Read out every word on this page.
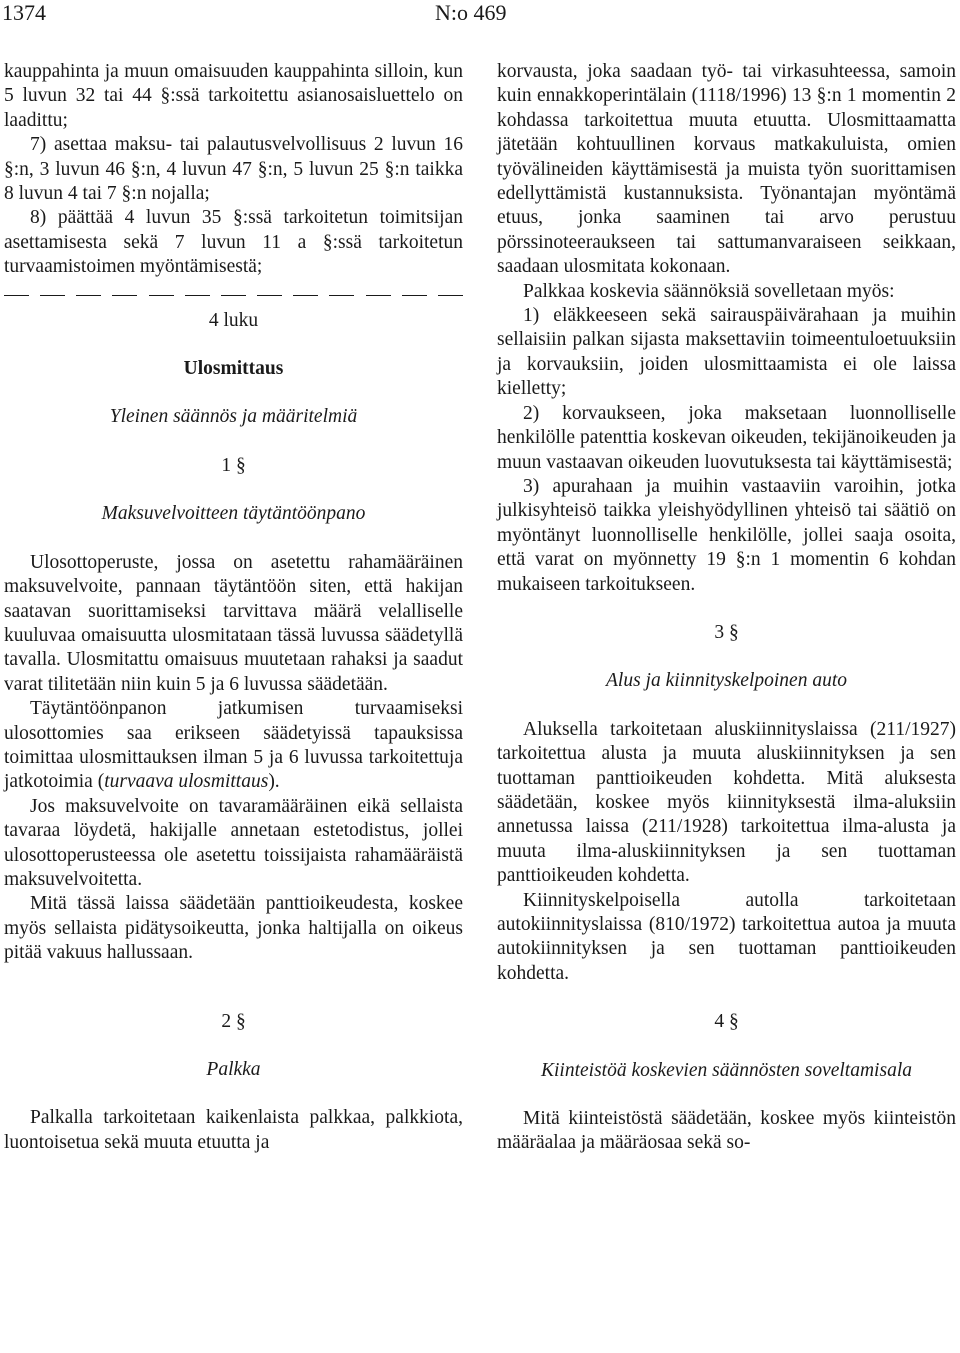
1374	N:o 469

kauppahinta ja muun omaisuuden kauppahinta silloin, kun 5 luvun 32 tai 44 §:ssä tarkoitettu asianosaisluettelo on laadittu;

7) asettaa maksu- tai palautusvelvollisuus 2 luvun 16 §:n, 3 luvun 46 §:n, 4 luvun 47 §:n, 5 luvun 25 §:n taikka 8 luvun 4 tai 7 §:n nojalla;

8) päättää 4 luvun 35 §:ssä tarkoitetun toimitsijan asettamisesta sekä 7 luvun 11 a §:ssä tarkoitetun turvaamistoimen myöntämisestä;

4 luku

Ulosmittaus

Yleinen säännös ja määritelmiä

1 §

Maksuvelvoitteen täytäntöönpano

Ulosottoperuste, jossa on asetettu rahamääräinen maksuvelvoite, pannaan täytäntöön siten, että hakijan saatavan suorittamiseksi tarvittava määrä velalliselle kuuluvaa omaisuutta ulosmitataan tässä luvussa säädetyllä tavalla. Ulosmitattu omaisuus muutetaan rahaksi ja saadut varat tilitetään niin kuin 5 ja 6 luvussa säädetään.

Täytäntöönpanon jatkumisen turvaamiseksi ulosottomies saa erikseen säädetyissä tapauksissa toimittaa ulosmittauksen ilman 5 ja 6 luvussa tarkoitettuja jatkotoimia (turvaava ulosmittaus).

Jos maksuvelvoite on tavaramääräinen eikä sellaista tavaraa löydetä, hakijalle annetaan estetodistus, jollei ulosottoperusteessa ole asetettu toissijaista rahamääräistä maksuvelvoitetta.

Mitä tässä laissa säädetään panttioikeudesta, koskee myös sellaista pidätysoikeutta, jonka haltijalla on oikeus pitää vakuus hallussaan.

2 §

Palkka

Palkalla tarkoitetaan kaikenlaista palkkaa, palkkiota, luontoisetua sekä muuta etuutta ja

korvausta, joka saadaan työ- tai virkasuhteessa, samoin kuin ennakkoperintälain (1118/1996) 13 §:n 1 momentin 2 kohdassa tarkoitettua muuta etuutta. Ulosmittaamatta jätetään kohtuullinen korvaus matkakuluista, omien työvälineiden käyttämisestä ja muista työn suorittamisen edellyttämistä kustannuksista. Työnantajan myöntämä etuus, jonka saaminen tai arvo perustuu pörssinoteeraukseen tai sattumanvaraiseen seikkaan, saadaan ulosmitata kokonaan.

Palkkaa koskevia säännöksiä sovelletaan myös:

1) eläkkeeseen sekä sairauspäivärahaan ja muihin sellaisiin palkan sijasta maksettaviin toimeentuloetuuksiin ja korvauksiin, joiden ulosmittaamista ei ole laissa kielletty;

2) korvaukseen, joka maksetaan luonnolliselle henkilölle patenttia koskevan oikeuden, tekijänoikeuden ja muun vastaavan oikeuden luovutuksesta tai käyttämisestä;

3) apurahaan ja muihin vastaaviin varoihin, jotka julkisyhteisö taikka yleishyödyllinen yhteisö tai säätiö on myöntänyt luonnolliselle henkilölle, jollei saaja osoita, että varat on myönnetty 19 §:n 1 momentin 6 kohdan mukaiseen tarkoitukseen.

3 §

Alus ja kiinnityskelpoinen auto

Aluksella tarkoitetaan aluskiinnityslaissa (211/1927) tarkoitettua alusta ja muuta aluskiinnityksen ja sen tuottaman panttioikeuden kohdetta. Mitä aluksesta säädetään, koskee myös kiinnityksestä ilma-aluksiin annetussa laissa (211/1928) tarkoitettua ilma-alusta ja muuta ilma-aluskiinnityksen ja sen tuottaman panttioikeuden kohdetta.

Kiinnityskelpoisella autolla tarkoitetaan autokiinnityslaissa (810/1972) tarkoitettua autoa ja muuta autokiinnityksen ja sen tuottaman panttioikeuden kohdetta.

4 §

Kiinteistöä koskevien säännösten soveltamisala

Mitä kiinteistöstä säädetään, koskee myös kiinteistön määräalaa ja määräosaa sekä so-
